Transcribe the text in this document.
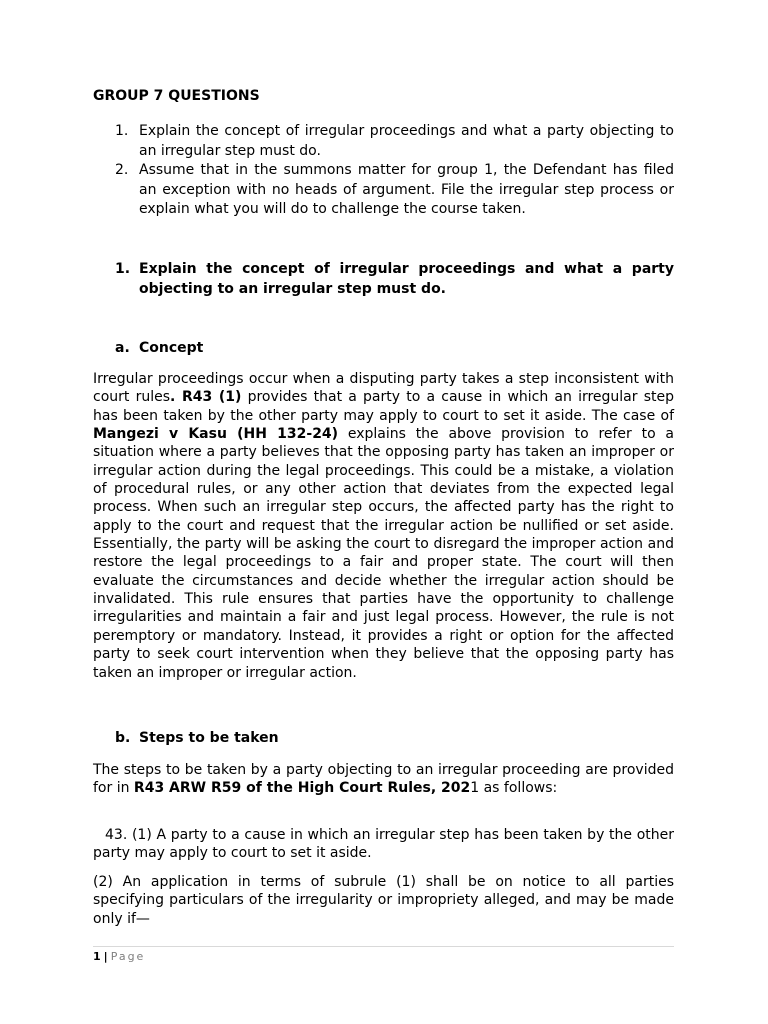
GROUP 7 QUESTIONS
1. Explain the concept of irregular proceedings and what a party objecting to an irregular step must do.
2. Assume that in the summons matter for group 1, the Defendant has filed an exception with no heads of argument. File the irregular step process or explain what you will do to challenge the course taken.
1. Explain the concept of irregular proceedings and what a party objecting to an irregular step must do.
a. Concept

Irregular proceedings occur when a disputing party takes a step inconsistent with court rules. R43 (1) provides that a party to a cause in which an irregular step has been taken by the other party may apply to court to set it aside. The case of Mangezi v Kasu (HH 132-24) explains the above provision to refer to a situation where a party believes that the opposing party has taken an improper or irregular action during the legal proceedings. This could be a mistake, a violation of procedural rules, or any other action that deviates from the expected legal process. When such an irregular step occurs, the affected party has the right to apply to the court and request that the irregular action be nullified or set aside. Essentially, the party will be asking the court to disregard the improper action and restore the legal proceedings to a fair and proper state. The court will then evaluate the circumstances and decide whether the irregular action should be invalidated. This rule ensures that parties have the opportunity to challenge irregularities and maintain a fair and just legal process. However, the rule is not peremptory or mandatory. Instead, it provides a right or option for the affected party to seek court intervention when they believe that the opposing party has taken an improper or irregular action.

b. Steps to be taken

The steps to be taken by a party objecting to an irregular proceeding are provided for in R43 ARW R59 of the High Court Rules, 2021 as follows:

43. (1) A party to a cause in which an irregular step has been taken by the other party may apply to court to set it aside.

(2) An application in terms of subrule (1) shall be on notice to all parties specifying particulars of the irregularity or impropriety alleged, and may be made only if—

1 | Page
